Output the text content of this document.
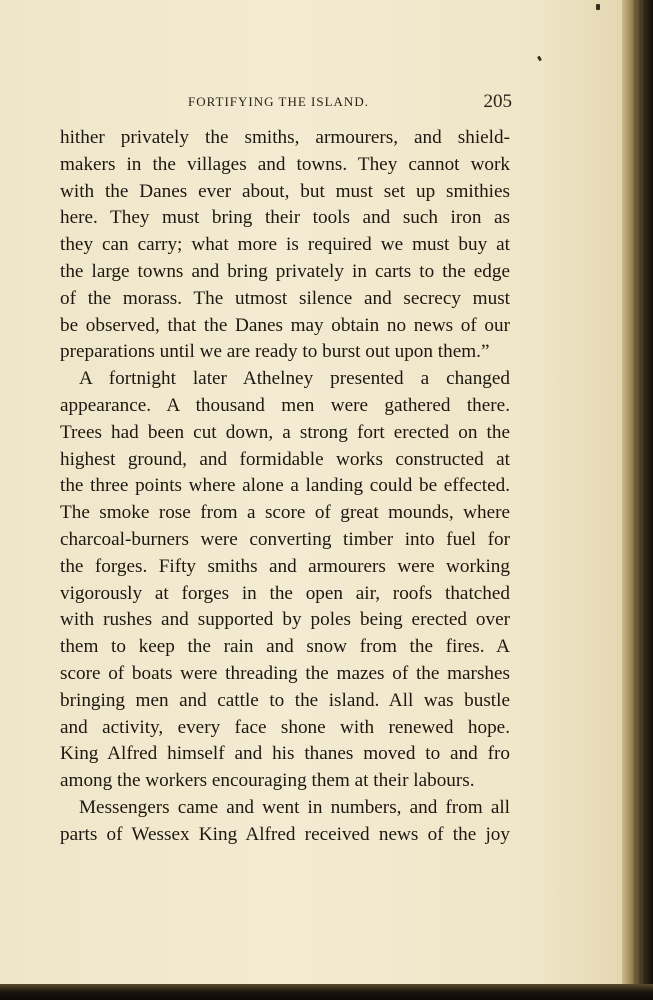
FORTIFYING THE ISLAND.	205
hither privately the smiths, armourers, and shield-
makers in the villages and towns. They cannot work
with the Danes ever about, but must set up smithies
here. They must bring their tools and such iron as
they can carry; what more is required we must buy at
the large towns and bring privately in carts to the edge
of the morass. The utmost silence and secrecy must
be observed, that the Danes may obtain no news of our
preparations until we are ready to burst out upon them.”
A fortnight later Athelney presented a changed
appearance. A thousand men were gathered there.
Trees had been cut down, a strong fort erected on the
highest ground, and formidable works constructed at
the three points where alone a landing could be effected.
The smoke rose from a score of great mounds, where
charcoal-burners were converting timber into fuel for
the forges. Fifty smiths and armourers were working
vigorously at forges in the open air, roofs thatched
with rushes and supported by poles being erected over
them to keep the rain and snow from the fires. A
score of boats were threading the mazes of the marshes
bringing men and cattle to the island. All was bustle
and activity, every face shone with renewed hope.
King Alfred himself and his thanes moved to and fro
among the workers encouraging them at their labours.
Messengers came and went in numbers, and from all
parts of Wessex King Alfred received news of the joy
